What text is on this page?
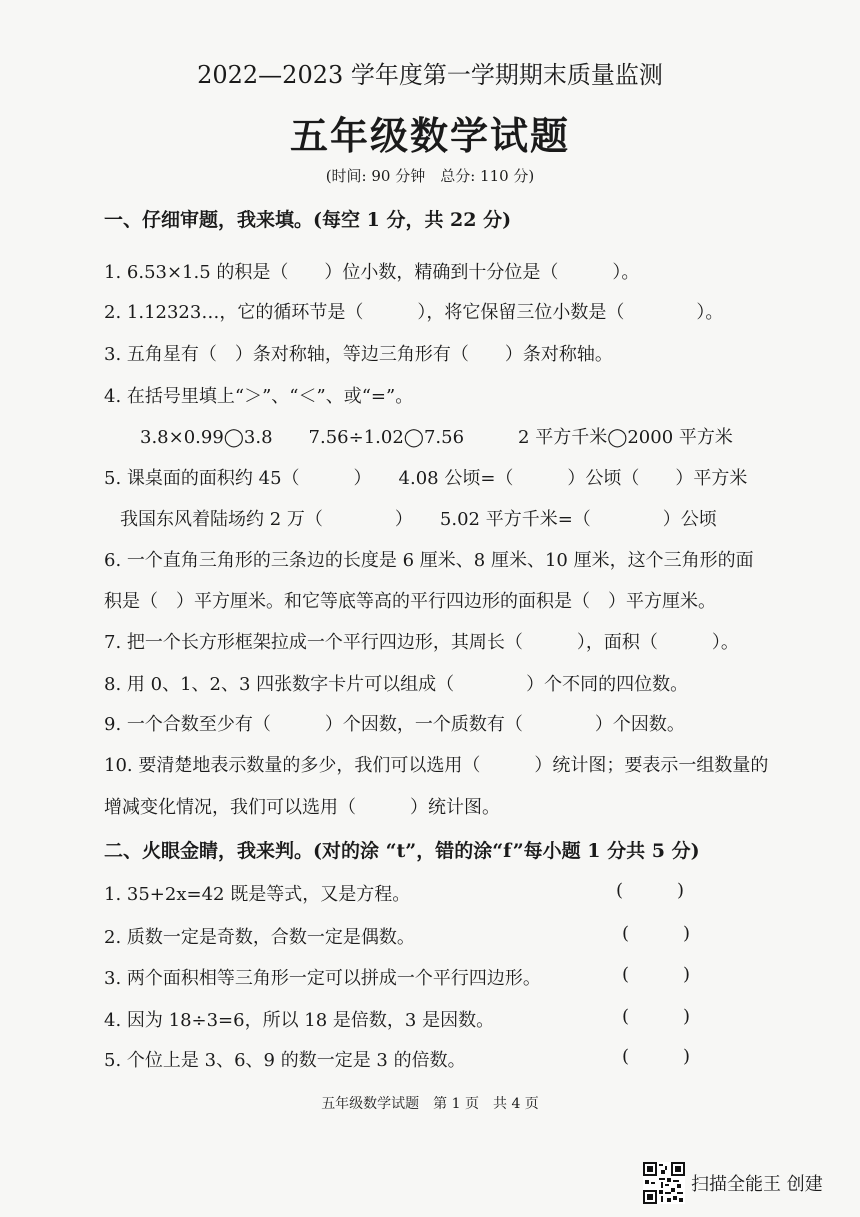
2022—2023 学年度第一学期期末质量监测
五年级数学试题
(时间: 90 分钟　总分: 110 分)
一、仔细审题，我来填。(每空 1 分，共 22 分)
1. 6.53×1.5 的积是（　　）位小数，精确到十分位是（　　　）。
2. 1.12323…，它的循环节是（　　　），将它保留三位小数是（　　　　）。
3. 五角星有（　）条对称轴，等边三角形有（　　）条对称轴。
4. 在括号里填上“＞”、“＜”、或“=”。
3.8×0.99◯3.8　　7.56÷1.02◯7.56　　　2 平方千米◯2000 平方米
5. 课桌面的面积约 45（　　　）　　4.08 公顷=（　　　）公顷（　　）平方米
我国东风着陆场约 2 万（　　　　）　　5.02 平方千米=（　　　　）公顷
6. 一个直角三角形的三条边的长度是 6 厘米、8 厘米、10 厘米，这个三角形的面
积是（　）平方厘米。和它等底等高的平行四边形的面积是（　）平方厘米。
7. 把一个长方形框架拉成一个平行四边形，其周长（　　　），面积（　　　）。
8. 用 0、1、2、3 四张数字卡片可以组成（　　　　）个不同的四位数。
9. 一个合数至少有（　　　）个因数，一个质数有（　　　　）个因数。
10. 要清楚地表示数量的多少，我们可以选用（　　　）统计图；要表示一组数量的
增减变化情况，我们可以选用（　　　）统计图。
二、火眼金睛，我来判。(对的涂 “t”，错的涂“f”每小题 1 分共 5 分)
1. 35+2x=42 既是等式，又是方程。	(　　　)
2. 质数一定是奇数，合数一定是偶数。	(　　　)
3. 两个面积相等三角形一定可以拼成一个平行四边形。	(　　　)
4. 因为 18÷3=6，所以 18 是倍数，3 是因数。	(　　　)
5. 个位上是 3、6、9 的数一定是 3 的倍数。	(　　　)
五年级数学试题　第 1 页　共 4 页
扫描全能王 创建
